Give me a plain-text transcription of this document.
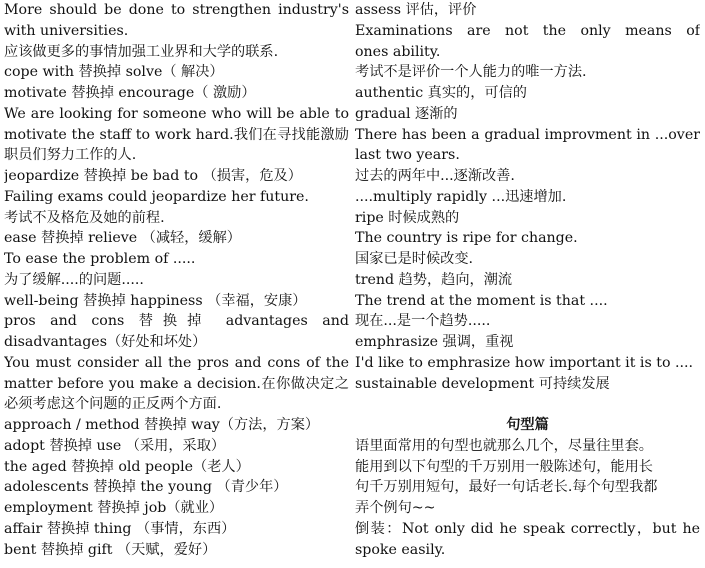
More should be done to strengthen industry's
with universities.
应该做更多的事情加强工业界和大学的联系.
cope with 替换掉 solve（ 解决）
motivate 替换掉 encourage（ 激励）
We are looking for someone who will be able to
motivate the staff to work hard.我们在寻找能激励
职员们努力工作的人.
jeopardize 替换掉 be bad to （损害，危及）
Failing exams could jeopardize her future.
考试不及格危及她的前程.
ease 替换掉 relieve （减轻，缓解）
To ease the problem of .....
为了缓解....的问题.....
well-being 替换掉 happiness （幸福，安康）
pros and cons 替换掉 advantages and
disadvantages（好处和坏处）
You must consider all the pros and cons of the
matter before you make a decision.在你做决定之
必须考虑这个问题的正反两个方面.
approach / method 替换掉 way（方法，方案）
adopt 替换掉 use （采用，采取）
the aged 替换掉 old people（老人）
adolescents 替换掉 the young （青少年）
employment 替换掉 job（就业）
affair 替换掉 thing （事情，东西）
bent 替换掉 gift （天赋，爱好）
assess 评估，评价
Examinations are not the only means of
ones ability.
考试不是评价一个人能力的唯一方法.
authentic 真实的，可信的
gradual 逐渐的
There has been a gradual improvment in ...over
last two years.
过去的两年中...逐渐改善.
....multiply rapidly ...迅速增加.
ripe 时候成熟的
The country is ripe for change.
国家已是时候改变.
trend 趋势，趋向，潮流
The trend at the moment is that ....
现在...是一个趋势.....
emphrasize 强调，重视
I'd like to emphrasize how important it is to ....
sustainable development 可持续发展
句型篇
语里面常用的句型也就那么几个，尽量往里套。
能用到以下句型的千万别用一般陈述句，能用长
句千万别用短句，最好一句话老长.每个句型我都
弄个例句~~
倒装：Not only did he speak correctly，but he
spoke easily.
